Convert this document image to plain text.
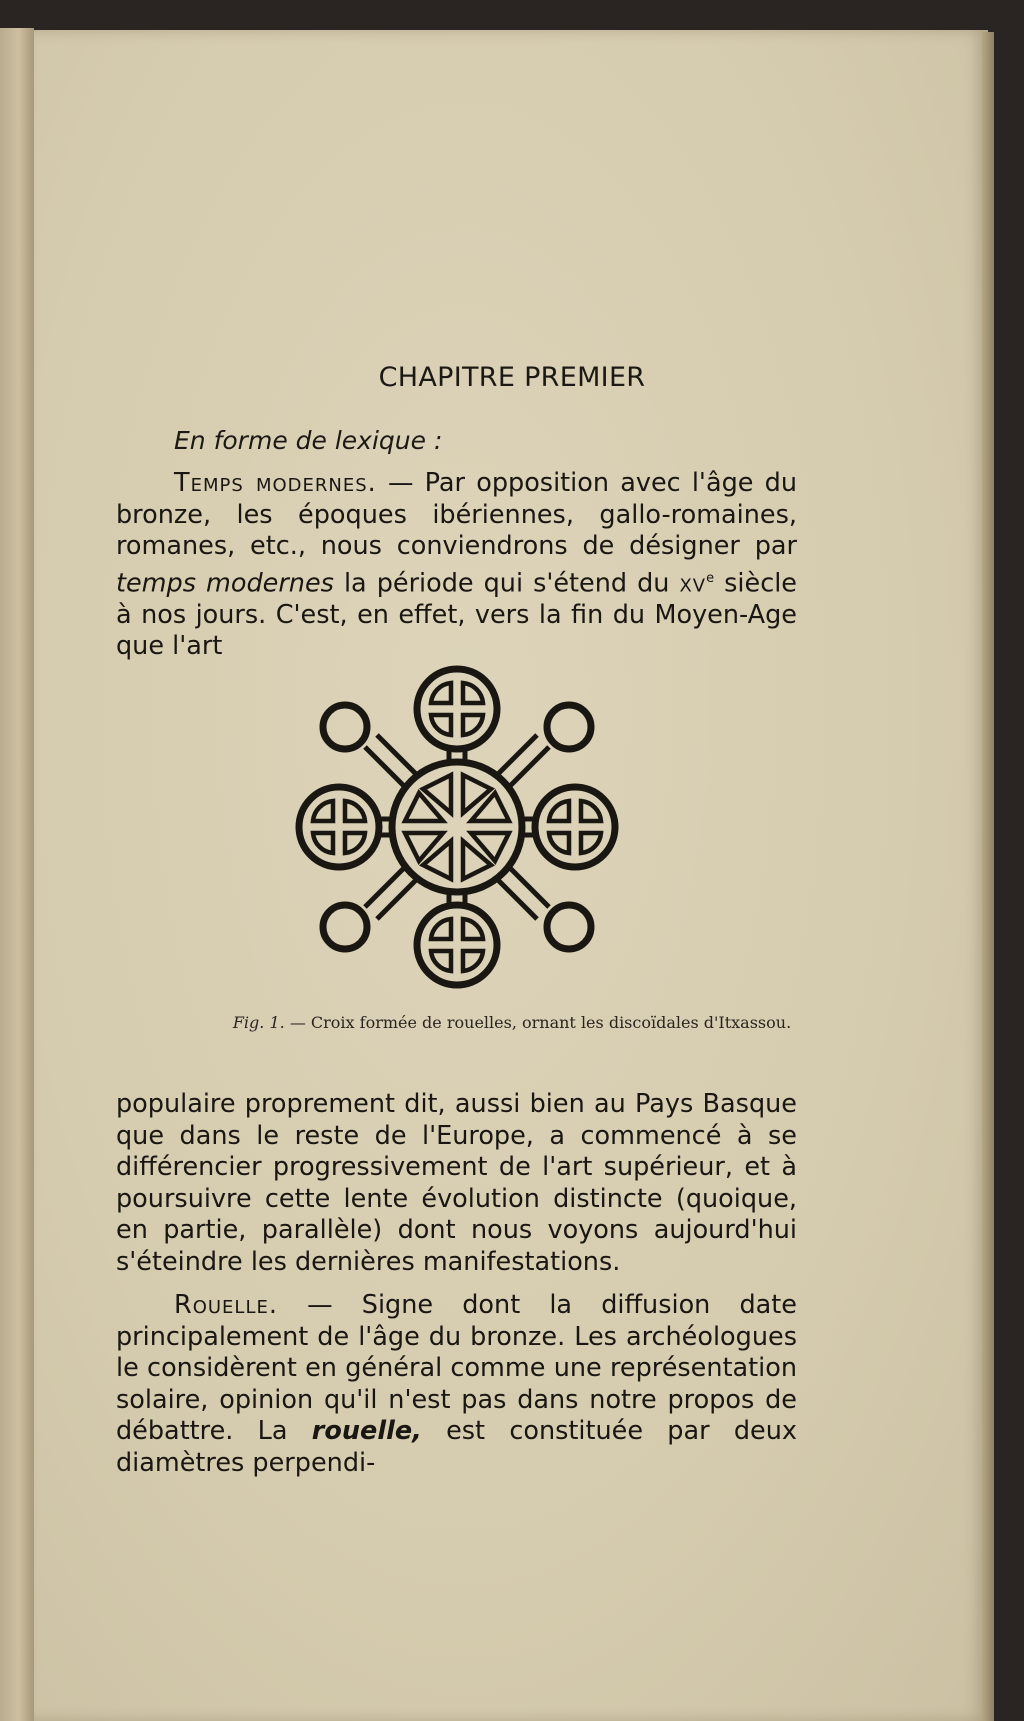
CHAPITRE PREMIER
En forme de lexique :
Temps modernes. — Par opposition avec l'âge du bronze, les époques ibériennes, gallo-romaines, romanes, etc., nous conviendrons de désigner par temps modernes la période qui s'étend du $xv^e$ siècle à nos jours. C'est, en effet, vers la fin du Moyen-Age que l'art
Fig. 1. — Croix formée de rouelles, ornant les discoïdales d'Itxassou.
populaire proprement dit, aussi bien au Pays Basque que dans le reste de l'Europe, a commencé à se différencier progressivement de l'art supérieur, et à poursuivre cette lente évolution distincte (quoique, en partie, parallèle) dont nous voyons aujourd'hui s'éteindre les dernières manifestations.
Rouelle. — Signe dont la diffusion date principalement de l'âge du bronze. Les archéologues le considèrent en général comme une représentation solaire, opinion qu'il n'est pas dans notre propos de débattre. La rouelle, est constituée par deux diamètres perpendi-
